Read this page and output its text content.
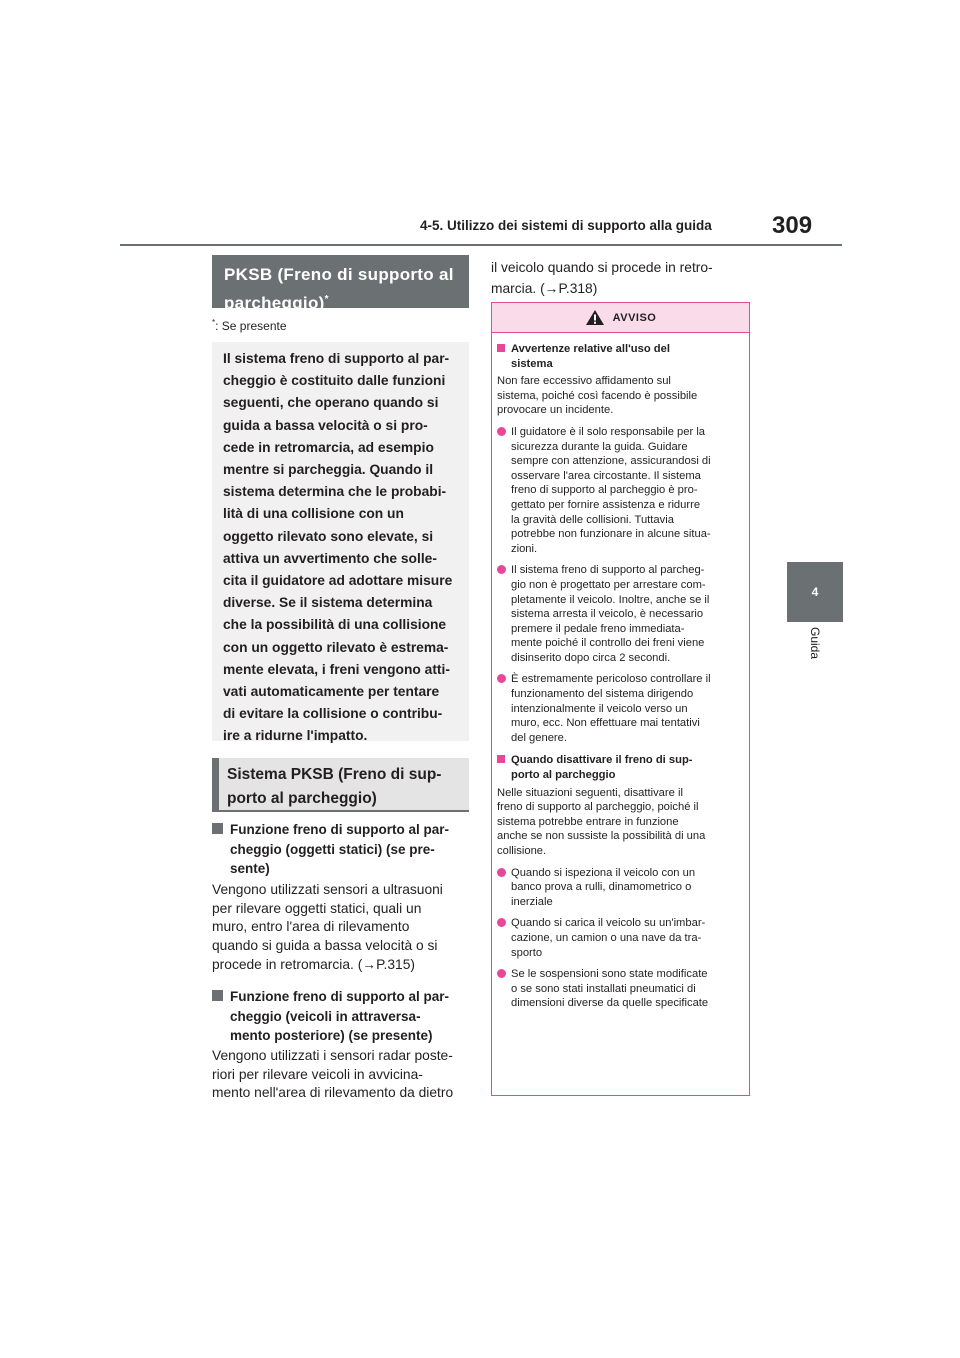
4-5. Utilizzo dei sistemi di supporto alla guida	309
4
Guida
PKSB (Freno di supporto al
parcheggio)*
*: Se presente
Il sistema freno di supporto al par-
cheggio è costituito dalle funzioni
seguenti, che operano quando si
guida a bassa velocità o si pro-
cede in retromarcia, ad esempio
mentre si parcheggia. Quando il
sistema determina che le probabi-
lità di una collisione con un
oggetto rilevato sono elevate, si
attiva un avvertimento che solle-
cita il guidatore ad adottare misure
diverse. Se il sistema determina
che la possibilità di una collisione
con un oggetto rilevato è estrema-
mente elevata, i freni vengono atti-
vati automaticamente per tentare
di evitare la collisione o contribu-
ire a ridurne l'impatto.
Sistema PKSB (Freno di sup-
porto al parcheggio)
Funzione freno di supporto al par-
cheggio (oggetti statici) (se pre-
sente)
Vengono utilizzati sensori a ultrasuoni
per rilevare oggetti statici, quali un
muro, entro l'area di rilevamento
quando si guida a bassa velocità o si
procede in retromarcia. (→P.315)
Funzione freno di supporto al par-
cheggio (veicoli in attraversa-
mento posteriore) (se presente)
Vengono utilizzati i sensori radar poste-
riori per rilevare veicoli in avvicina-
mento nell'area di rilevamento da dietro
il veicolo quando si procede in retro-
marcia. (→P.318)
AVVISO
Avvertenze relative all'uso del
sistema
Non fare eccessivo affidamento sul
sistema, poiché così facendo è possibile
provocare un incidente.
Il guidatore è il solo responsabile per la
sicurezza durante la guida. Guidare
sempre con attenzione, assicurandosi di
osservare l'area circostante. Il sistema
freno di supporto al parcheggio è pro-
gettato per fornire assistenza e ridurre
la gravità delle collisioni. Tuttavia
potrebbe non funzionare in alcune situa-
zioni.
Il sistema freno di supporto al parcheg-
gio non è progettato per arrestare com-
pletamente il veicolo. Inoltre, anche se il
sistema arresta il veicolo, è necessario
premere il pedale freno immediata-
mente poiché il controllo dei freni viene
disinserito dopo circa 2 secondi.
È estremamente pericoloso controllare il
funzionamento del sistema dirigendo
intenzionalmente il veicolo verso un
muro, ecc. Non effettuare mai tentativi
del genere.
Quando disattivare il freno di sup-
porto al parcheggio
Nelle situazioni seguenti, disattivare il
freno di supporto al parcheggio, poiché il
sistema potrebbe entrare in funzione
anche se non sussiste la possibilità di una
collisione.
Quando si ispeziona il veicolo con un
banco prova a rulli, dinamometrico o
inerziale
Quando si carica il veicolo su un'imbar-
cazione, un camion o una nave da tra-
sporto
Se le sospensioni sono state modificate
o se sono stati installati pneumatici di
dimensioni diverse da quelle specificate
